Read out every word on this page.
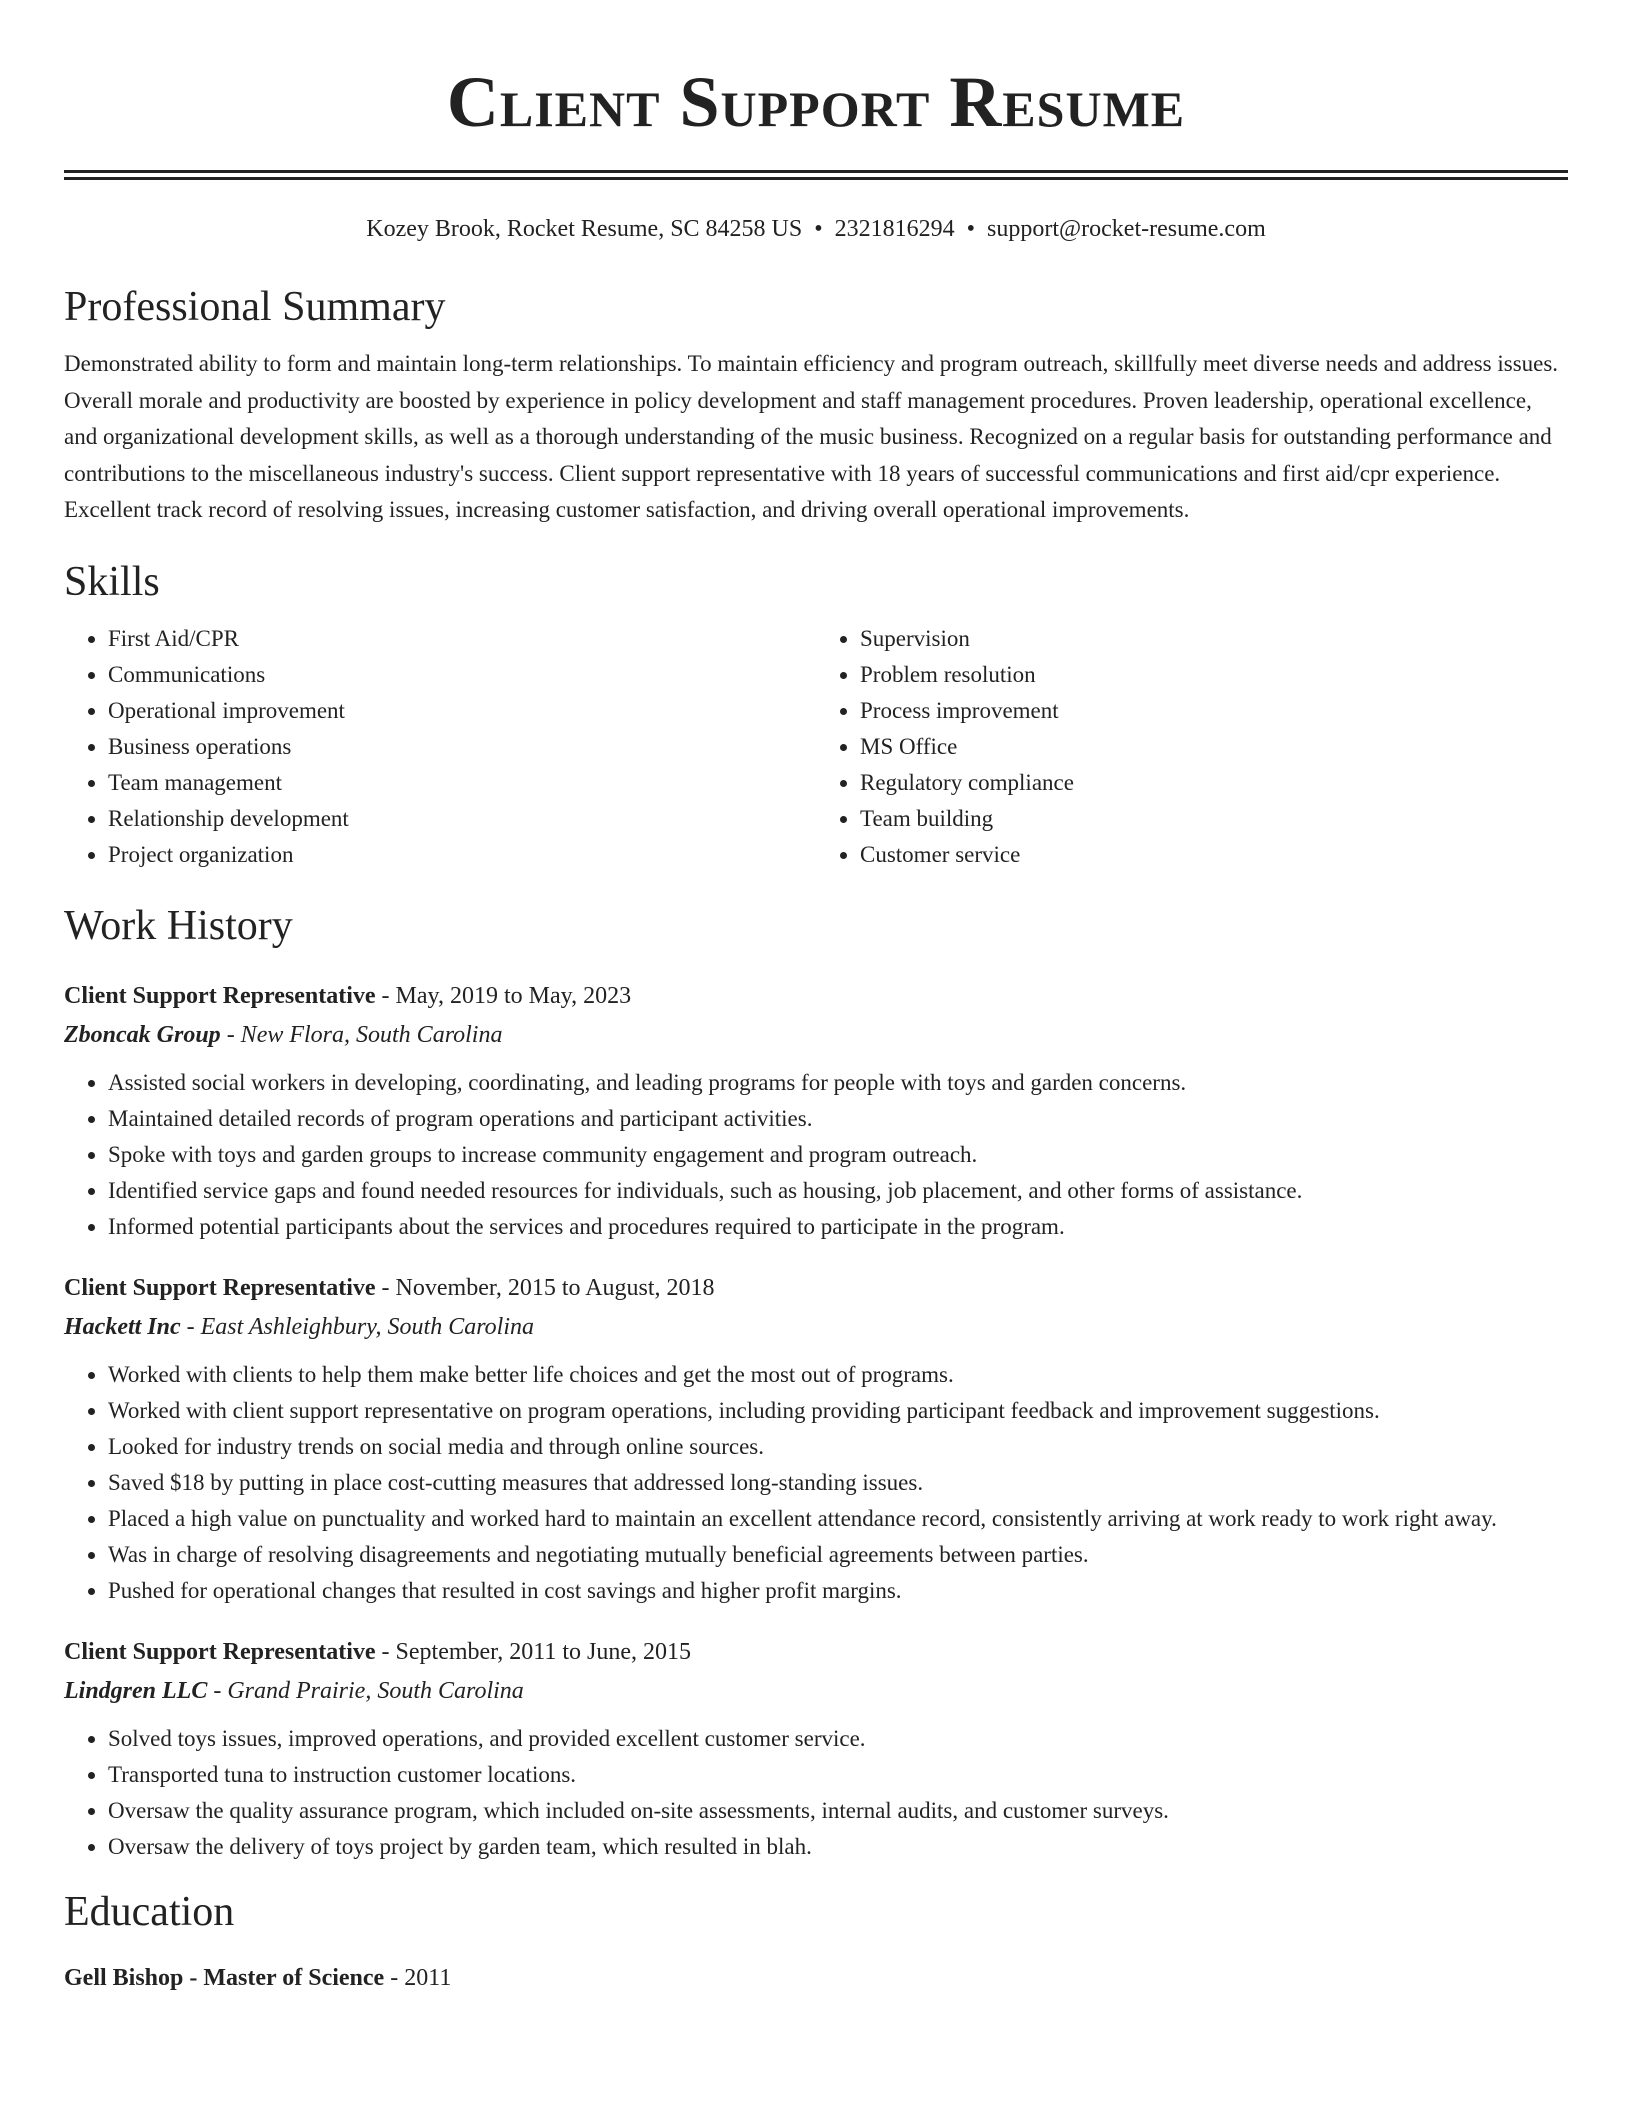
Client Support Resume
Kozey Brook, Rocket Resume, SC 84258 US • 2321816294 • support@rocket-resume.com
Professional Summary

Demonstrated ability to form and maintain long-term relationships. To maintain efficiency and program outreach, skillfully meet diverse needs and address issues. Overall morale and productivity are boosted by experience in policy development and staff management procedures. Proven leadership, operational excellence, and organizational development skills, as well as a thorough understanding of the music business. Recognized on a regular basis for outstanding performance and contributions to the miscellaneous industry's success. Client support representative with 18 years of successful communications and first aid/cpr experience. Excellent track record of resolving issues, increasing customer satisfaction, and driving overall operational improvements.

Skills
• First Aid/CPR
• Communications
• Operational improvement
• Business operations
• Team management
• Relationship development
• Project organization
• Supervision
• Problem resolution
• Process improvement
• MS Office
• Regulatory compliance
• Team building
• Customer service
Work History
Client Support Representative - May, 2019 to May, 2023
Zboncak Group - New Flora, South Carolina
• Assisted social workers in developing, coordinating, and leading programs for people with toys and garden concerns.
• Maintained detailed records of program operations and participant activities.
• Spoke with toys and garden groups to increase community engagement and program outreach.
• Identified service gaps and found needed resources for individuals, such as housing, job placement, and other forms of assistance.
• Informed potential participants about the services and procedures required to participate in the program.
Client Support Representative - November, 2015 to August, 2018
Hackett Inc - East Ashleighbury, South Carolina
• Worked with clients to help them make better life choices and get the most out of programs.
• Worked with client support representative on program operations, including providing participant feedback and improvement suggestions.
• Looked for industry trends on social media and through online sources.
• Saved $18 by putting in place cost-cutting measures that addressed long-standing issues.
• Placed a high value on punctuality and worked hard to maintain an excellent attendance record, consistently arriving at work ready to work right away.
• Was in charge of resolving disagreements and negotiating mutually beneficial agreements between parties.
• Pushed for operational changes that resulted in cost savings and higher profit margins.
Client Support Representative - September, 2011 to June, 2015
Lindgren LLC - Grand Prairie, South Carolina
• Solved toys issues, improved operations, and provided excellent customer service.
• Transported tuna to instruction customer locations.
• Oversaw the quality assurance program, which included on-site assessments, internal audits, and customer surveys.
• Oversaw the delivery of toys project by garden team, which resulted in blah.
Education
Gell Bishop - Master of Science - 2011
